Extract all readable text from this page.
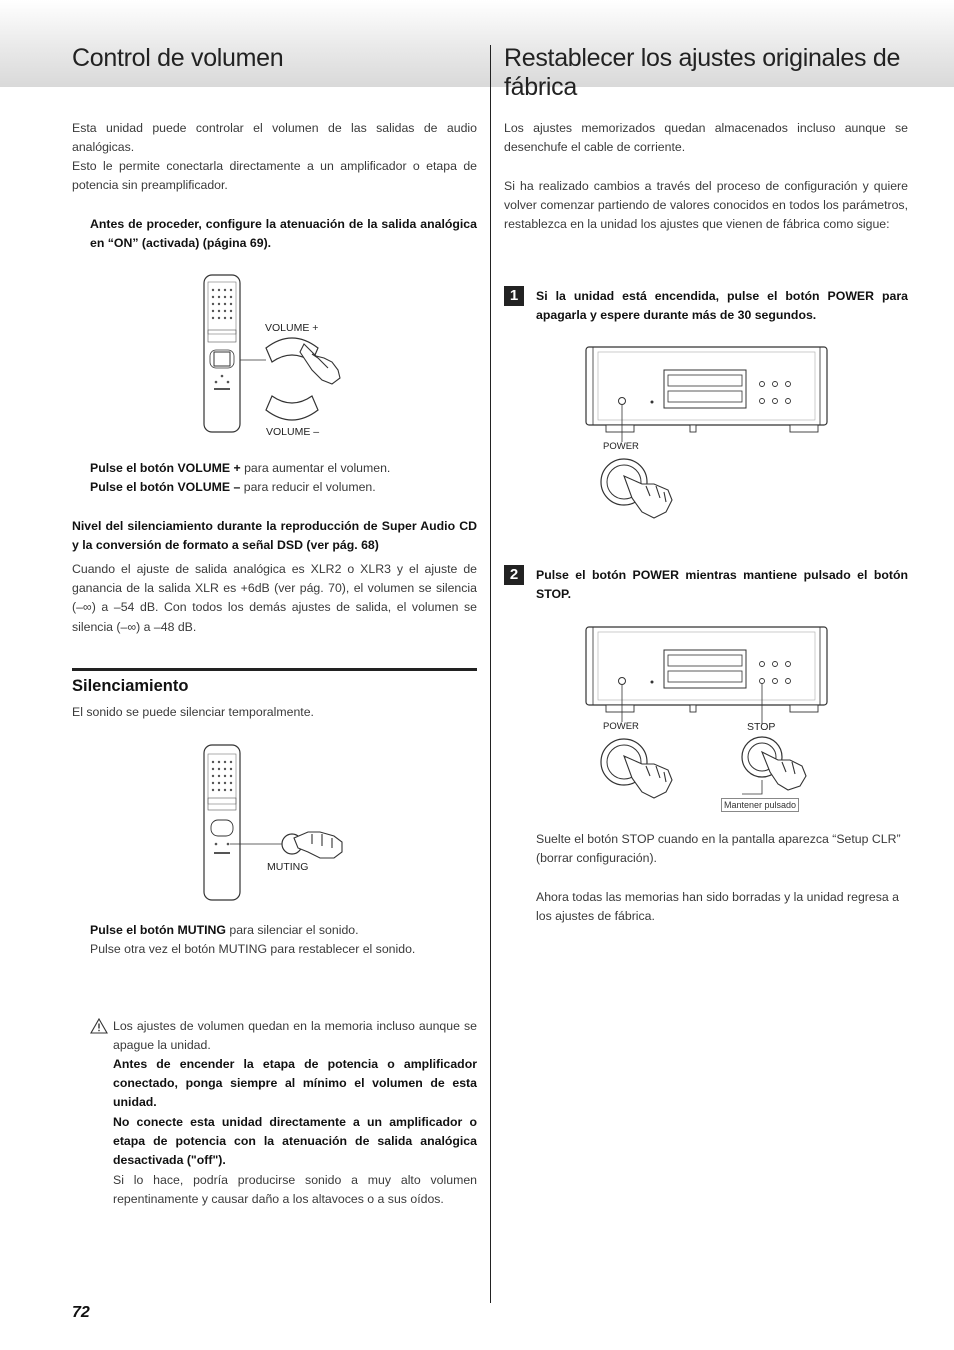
Control de volumen	Restablecer los ajustes originales de fábrica

Esta unidad puede controlar el volumen de las salidas de audio analógicas.

Esto le permite conectarla directamente a un amplificador o etapa de potencia sin preamplificador.

Antes de proceder, configure la atenuación de la salida analógica en “ON” (activada) (página 69).

VOLUME +
VOLUME –

Pulse el botón VOLUME + para aumentar el volumen.

Pulse el botón VOLUME – para reducir el volumen.

Nivel del silenciamiento durante la reproducción de Super Audio CD y la conversión de formato a señal DSD (ver pág. 68)

Cuando el ajuste de salida analógica es XLR2 o XLR3 y el ajuste de ganancia de la salida XLR es +6dB (ver pág. 70), el volumen se silencia (–∞) a –54 dB. Con todos los demás ajustes de salida, el volumen se silencia (–∞) a –48 dB.

Silenciamiento

El sonido se puede silenciar temporalmente.

MUTING

Pulse el botón MUTING para silenciar el sonido.

Pulse otra vez el botón MUTING para restablecer el sonido.

Los ajustes de volumen quedan en la memoria incluso aunque se apague la unidad.

Antes de encender la etapa de potencia o amplificador conectado, ponga siempre al mínimo el volumen de esta unidad.

No conecte esta unidad directamente a un amplificador o etapa de potencia con la atenuación de salida analógica desactivada ("off").

Si lo hace, podría producirse sonido a muy alto volumen repentinamente y causar daño a los altavoces o a sus oídos.

72

Los ajustes memorizados quedan almacenados incluso aunque se desenchufe el cable de corriente.

Si ha realizado cambios a través del proceso de configuración y quiere volver comenzar partiendo de valores conocidos en todos los parámetros, restablezca en la unidad los ajustes que vienen de fábrica como sigue:

1	Si la unidad está encendida, pulse el botón POWER para apagarla y espere durante más de 30 segundos.

POWER
2	Pulse el botón POWER mientras mantiene pulsado el botón STOP.

POWER	STOP
Mantener pulsado

Suelte el botón STOP cuando en la pantalla aparezca “Setup CLR” (borrar configuración).

Ahora todas las memorias han sido borradas y la unidad regresa a los ajustes de fábrica.
